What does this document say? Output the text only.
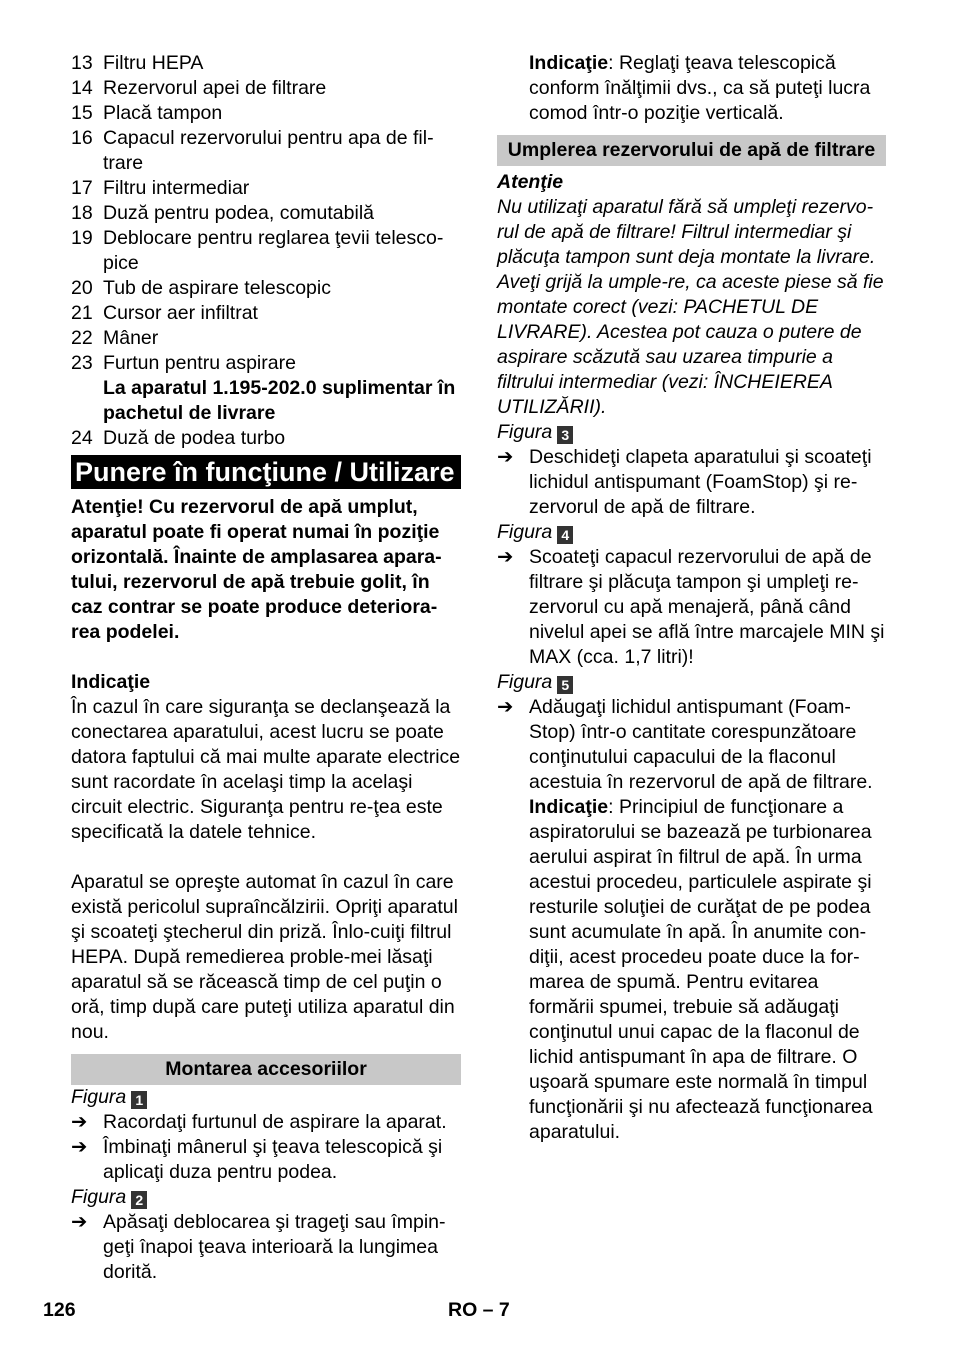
13 Filtru HEPA
14 Rezervorul apei de filtrare
15 Placă tampon
16 Capacul rezervorului pentru apa de fil-trare
17 Filtru intermediar
18 Duză pentru podea, comutabilă
19 Deblocare pentru reglarea ţevii telesco-pice
20 Tub de aspirare telescopic
21 Cursor aer infiltrat
22 Mâner
23 Furtun pentru aspirare
La aparatul 1.195-202.0 suplimentar în pachetul de livrare
24 Duză de podea turbo
Punere în funcţiune / Utilizare

Atenţie! Cu rezervorul de apă umplut, aparatul poate fi operat numai în poziţie orizontală. Înainte de amplasarea apara-tului, rezervorul de apă trebuie golit, în caz contrar se poate produce deteriora-rea podelei.

Indicaţie

În cazul în care siguranţa se declanşează la conectarea aparatului, acest lucru se poate datora faptului că mai multe aparate electrice sunt racordate în acelaşi timp la acelaşi circuit electric. Siguranţa pentru re-ţea este specificată la datele tehnice.

Aparatul se opreşte automat în cazul în care există pericolul supraîncălzirii. Opriţi aparatul şi scoateţi ştecherul din priză. Înlo-cuiţi filtrul HEPA. După remedierea proble-mei lăsaţi aparatul să se răcească timp de cel puţin o oră, timp după care puteţi utiliza aparatul din nou.

Montarea accesoriilor
Figura 1
➔ Racordaţi furtunul de aspirare la aparat.
➔ Îmbinaţi mânerul şi ţeava telescopică şi aplicaţi duza pentru podea.
Figura 2
➔ Apăsaţi deblocarea şi trageţi sau împin-geţi înapoi ţeava interioară la lungimea dorită.
Indicaţie: Reglaţi ţeava telescopică conform înălţimii dvs., ca să puteţi lucra comod într-o poziţie verticală.
Umplerea rezervorului de apă de filtrare
Atenţie

Nu utilizaţi aparatul fără să umpleţi rezervo-rul de apă de filtrare! Filtrul intermediar şi plăcuţa tampon sunt deja montate la livrare. Aveţi grijă la umple-re, ca aceste piese să fie montate corect (vezi: PACHETUL DE LIVRARE). Acestea pot cauza o putere de aspirare scăzută sau uzarea timpurie a filtrului intermediar (vezi: ÎNCHEIEREA UTILIZĂRII).

Figura 3
➔ Deschideţi clapeta aparatului şi scoateţi lichidul antispumant (FoamStop) şi re-zervorul de apă de filtrare.
Figura 4
➔ Scoateţi capacul rezervorului de apă de filtrare şi plăcuţa tampon şi umpleţi re-zervorul cu apă menajeră, până când nivelul apei se află între marcajele MIN şi MAX (cca. 1,7 litri)!
Figura 5
➔ Adăugaţi lichidul antispumant (Foam-Stop) într-o cantitate corespunzătoare conţinutului capacului de la flaconul acestuia în rezervorul de apă de filtrare.
Indicaţie: Principiul de funcţionare a aspiratorului se bazează pe turbionarea aerului aspirat în filtrul de apă. În urma acestui procedeu, particulele aspirate şi resturile soluţiei de curăţat de pe podea sunt acumulate în apă. În anumite con-diţii, acest procedeu poate duce la for-marea de spumă. Pentru evitarea formării spumei, trebuie să adăugaţi conţinutul unui capac de la flaconul de lichid antispumant în apa de filtrare. O uşoară spumare este normală în timpul funcţionării şi nu afectează funcţionarea aparatului.
126	RO – 7
